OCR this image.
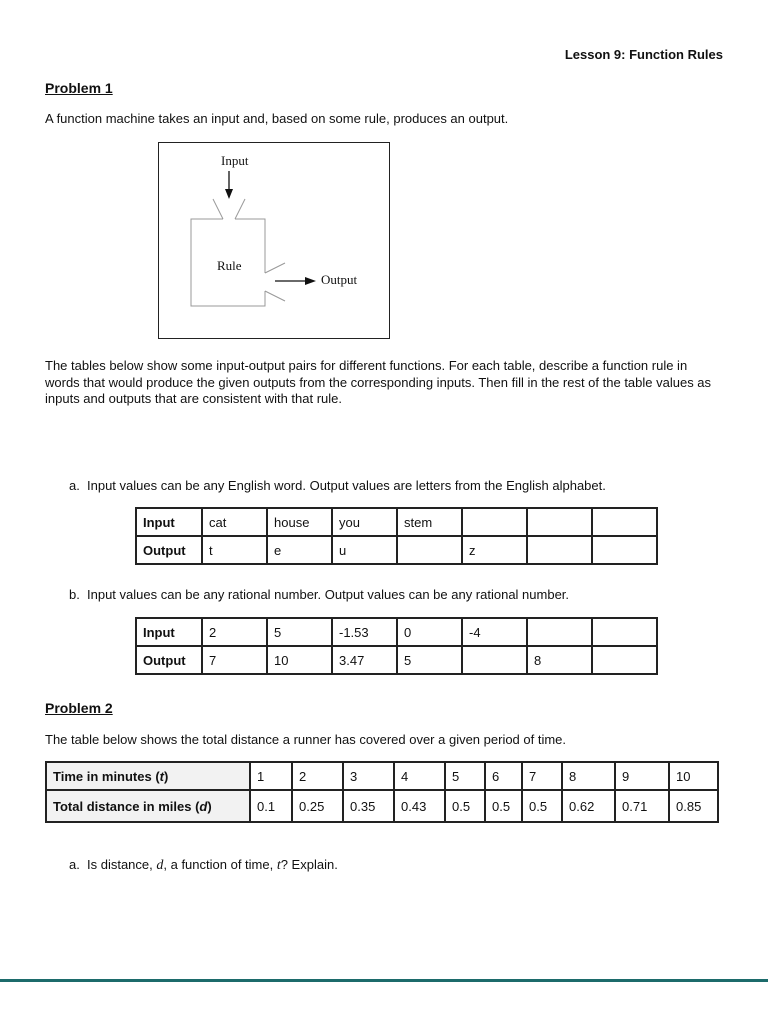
Lesson 9: Function Rules
Problem 1
A function machine takes an input and, based on some rule, produces an output.
Input
Rule
Output
The tables below show some input-output pairs for different functions. For each table, describe a function rule in words that would produce the given outputs from the corresponding inputs. Then fill in the rest of the table values as inputs and outputs that are consistent with that rule.
a. Input values can be any English word. Output values are letters from the English alphabet.
Input	cat	house	you	stem			
Output	t	e	u		z		
b. Input values can be any rational number. Output values can be any rational number.
Input	2	5	-1.53	0	-4		
Output	7	10	3.47	5		8	
Problem 2
The table below shows the total distance a runner has covered over a given period of time.
Time in minutes (t)	1	2	3	4	5	6	7	8	9	10
Total distance in miles (d)	0.1	0.25	0.35	0.43	0.5	0.5	0.5	0.62	0.71	0.85
a. Is distance, d, a function of time, t? Explain.
